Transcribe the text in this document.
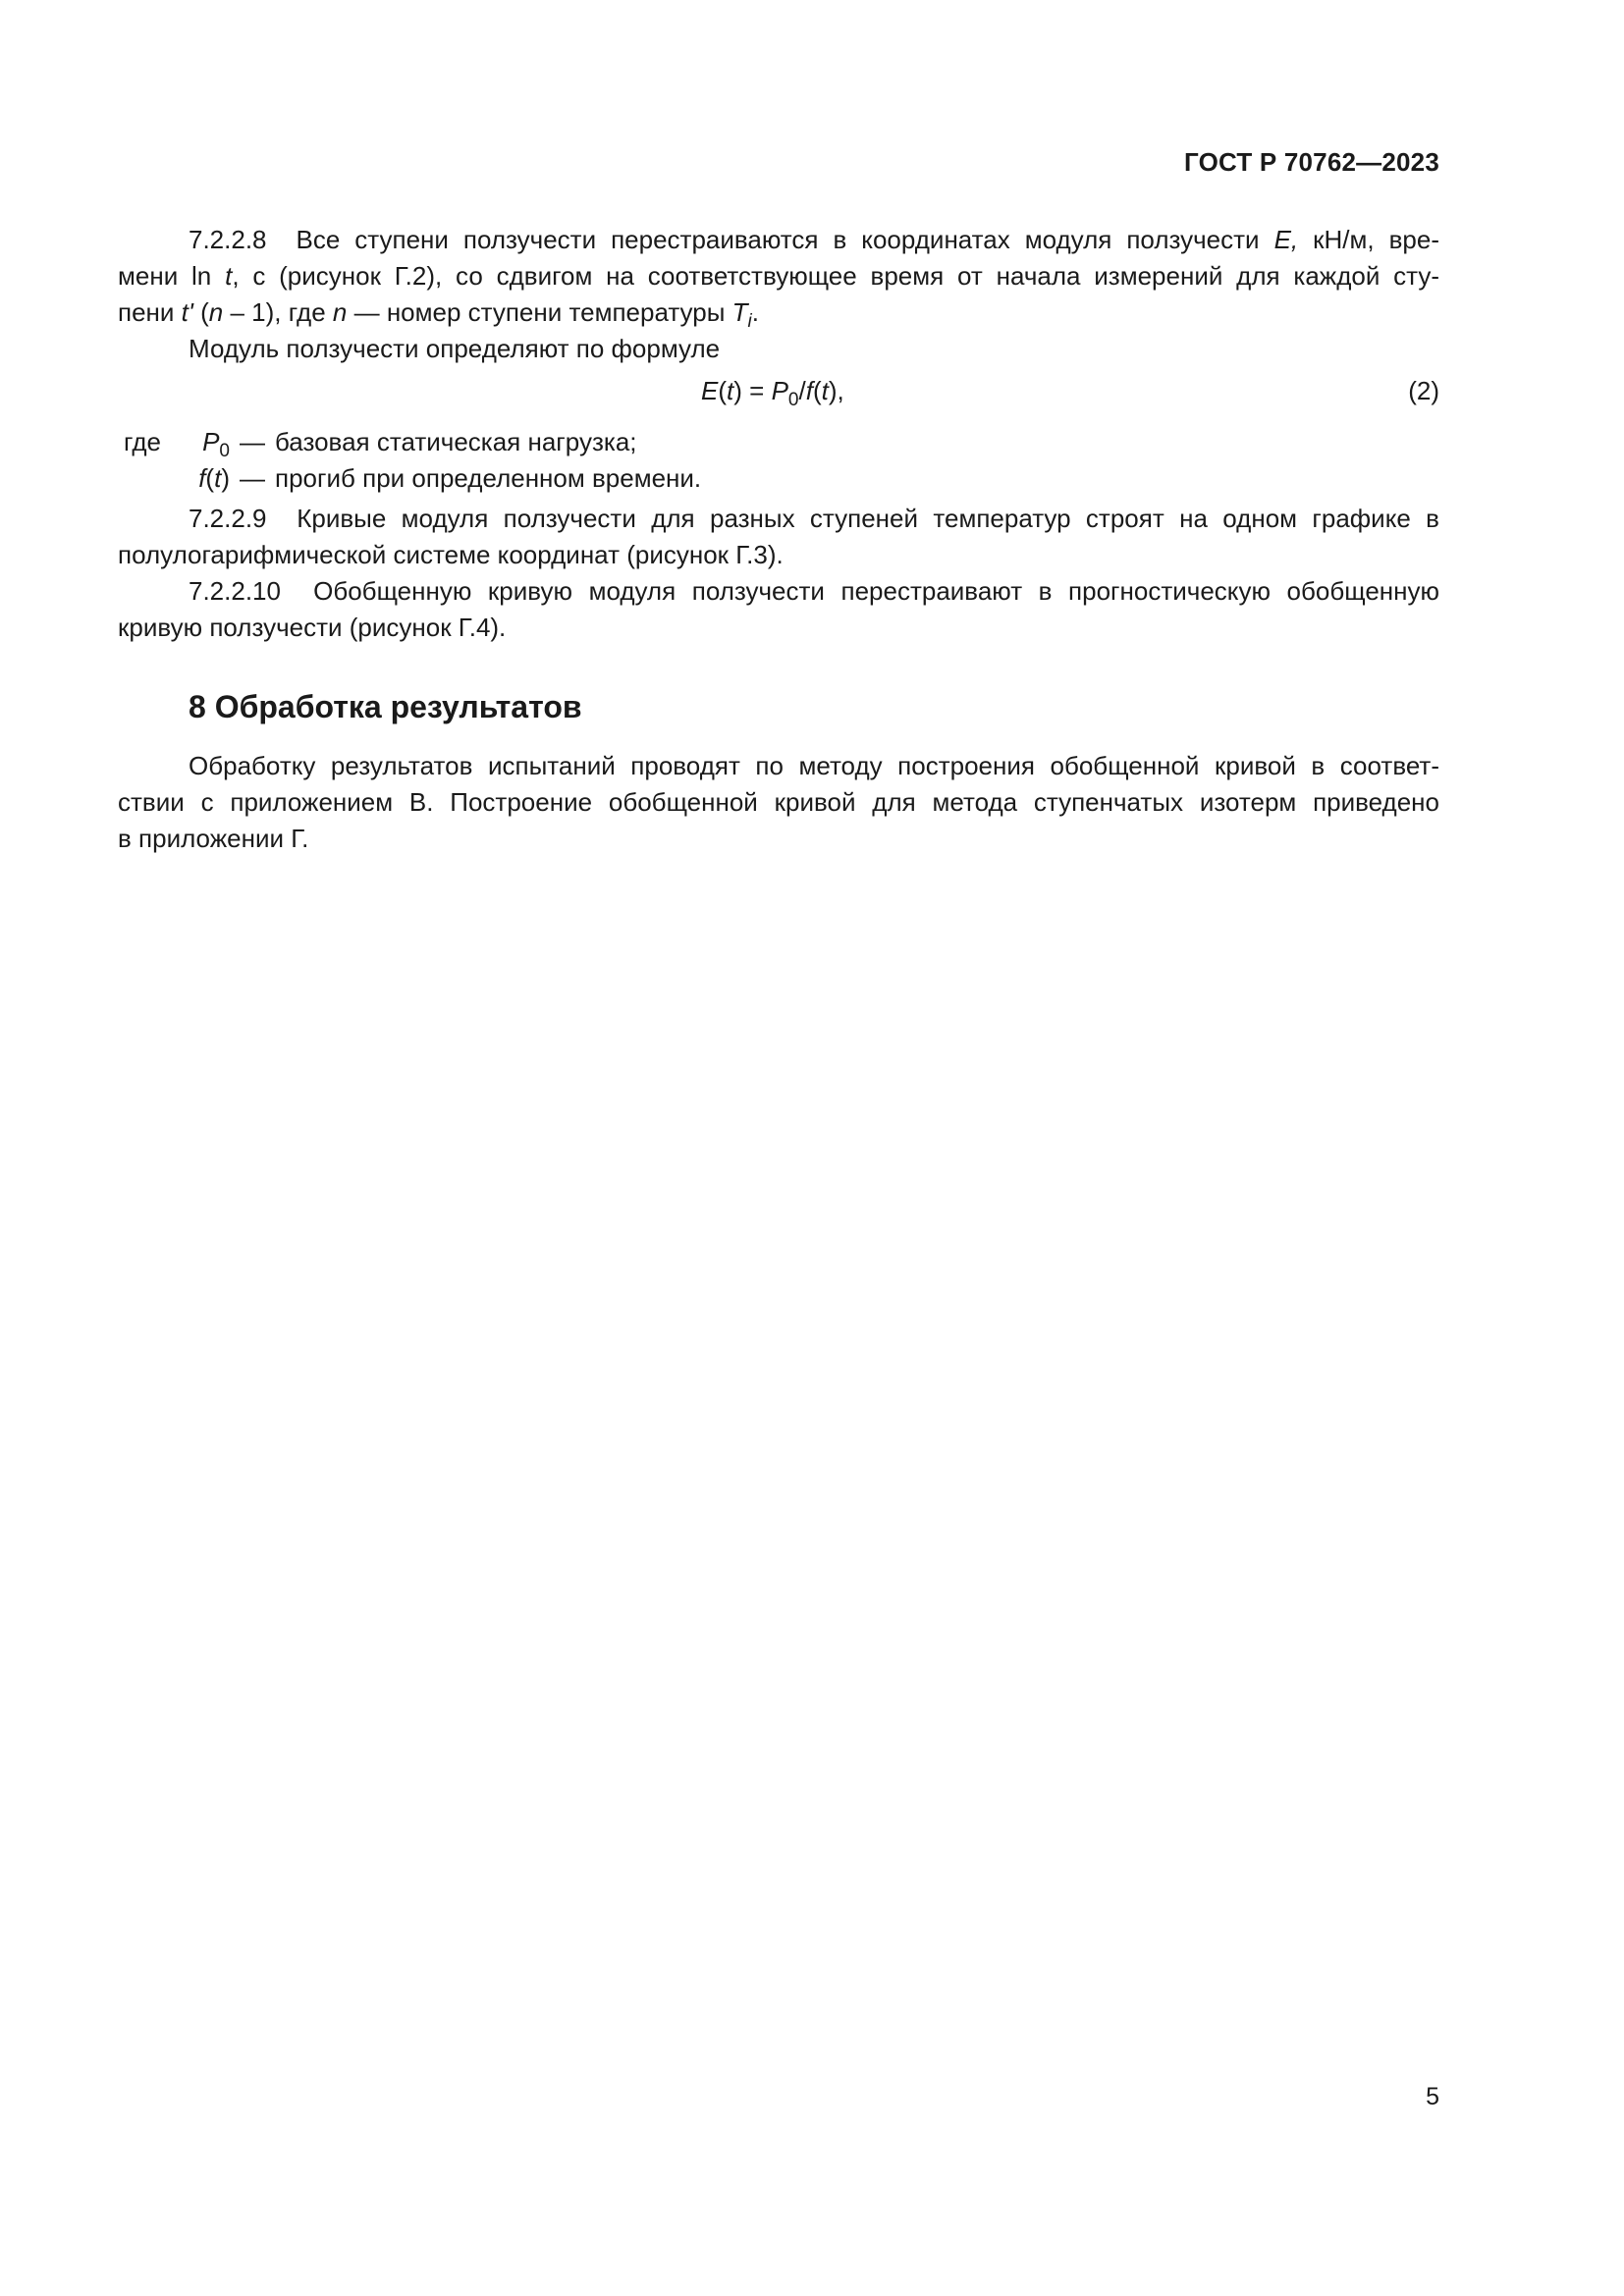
ГОСТ Р 70762—2023

7.2.2.8 Все ступени ползучести перестраиваются в координатах модуля ползучести E, кН/м, вре-

мени ln t, с (рисунок Г.2), со сдвигом на соответствующее время от начала измерений для каждой сту-

пени t' (n – 1), где n — номер ступени температуры $T_i$.

Модуль ползучести определяют по формуле

$E(t) = P_0/f(t)$,	(2)
где $P_0$ — базовая статическая нагрузка;
f(t) — прогиб при определенном времени.

7.2.2.9 Кривые модуля ползучести для разных ступеней температур строят на одном графике в

полулогарифмической системе координат (рисунок Г.3).

7.2.2.10 Обобщенную кривую модуля ползучести перестраивают в прогностическую обобщенную

кривую ползучести (рисунок Г.4).

8 Обработка результатов

Обработку результатов испытаний проводят по методу построения обобщенной кривой в соответ-

ствии с приложением В. Построение обобщенной кривой для метода ступенчатых изотерм приведено

в приложении Г.

5
